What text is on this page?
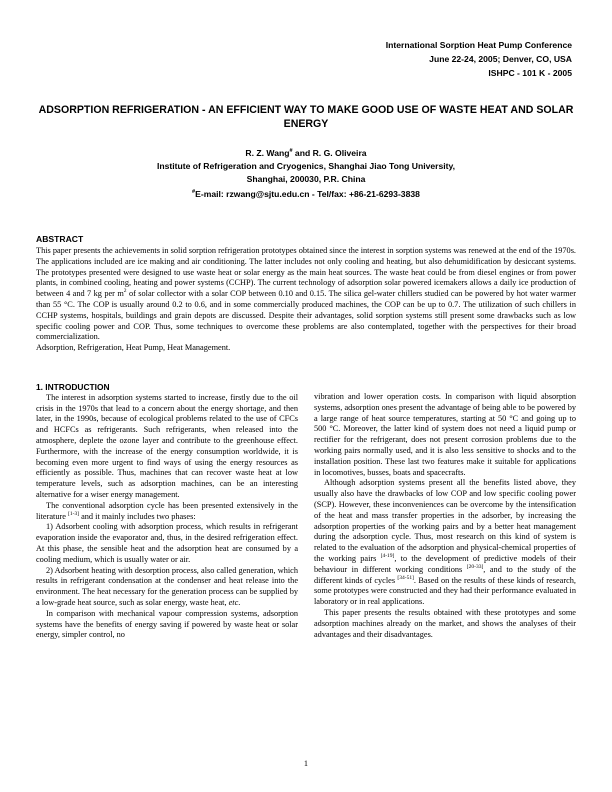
International Sorption Heat Pump Conference
June 22-24, 2005; Denver, CO, USA
ISHPC - 101 K - 2005
ADSORPTION REFRIGERATION - AN EFFICIENT WAY TO MAKE GOOD USE OF WASTE HEAT AND SOLAR ENERGY
R. Z. Wang# and R. G. Oliveira
Institute of Refrigeration and Cryogenics, Shanghai Jiao Tong University,
Shanghai, 200030, P.R. China
#E-mail: rzwang@sjtu.edu.cn - Tel/fax: +86-21-6293-3838
ABSTRACT

This paper presents the achievements in solid sorption refrigeration prototypes obtained since the interest in sorption systems was renewed at the end of the 1970s. The applications included are ice making and air conditioning. The latter includes not only cooling and heating, but also dehumidification by desiccant systems. The prototypes presented were designed to use waste heat or solar energy as the main heat sources. The waste heat could be from diesel engines or from power plants, in combined cooling, heating and power systems (CCHP). The current technology of adsorption solar powered icemakers allows a daily ice production of between 4 and 7 kg per $m^2$ of solar collector with a solar COP between 0.10 and 0.15. The silica gel-water chillers studied can be powered by hot water warmer than 55 °C. The COP is usually around 0.2 to 0.6, and in some commercially produced machines, the COP can be up to 0.7. The utilization of such chillers in CCHP systems, hospitals, buildings and grain depots are discussed. Despite their advantages, solid sorption systems still present some drawbacks such as low specific cooling power and COP. Thus, some techniques to overcome these problems are also contemplated, together with the perspectives for their broad commercialization.

Adsorption, Refrigeration, Heat Pump, Heat Management.

1. INTRODUCTION

The interest in adsorption systems started to increase, firstly due to the oil crisis in the 1970s that lead to a concern about the energy shortage, and then later, in the 1990s, because of ecological problems related to the use of CFCs and HCFCs as refrigerants. Such refrigerants, when released into the atmosphere, deplete the ozone layer and contribute to the greenhouse effect. Furthermore, with the increase of the energy consumption worldwide, it is becoming even more urgent to find ways of using the energy resources as efficiently as possible. Thus, machines that can recover waste heat at low temperature levels, such as adsorption machines, can be an interesting alternative for a wiser energy management.

The conventional adsorption cycle has been presented extensively in the literature [1-3] and it mainly includes two phases:

1) Adsorbent cooling with adsorption process, which results in refrigerant evaporation inside the evaporator and, thus, in the desired refrigeration effect. At this phase, the sensible heat and the adsorption heat are consumed by a cooling medium, which is usually water or air.

2) Adsorbent heating with desorption process, also called generation, which results in refrigerant condensation at the condenser and heat release into the environment. The heat necessary for the generation process can be supplied by a low-grade heat source, such as solar energy, waste heat, etc.

In comparison with mechanical vapour compression systems, adsorption systems have the benefits of energy saving if powered by waste heat or solar energy, simpler control, no

vibration and lower operation costs. In comparison with liquid absorption systems, adsorption ones present the advantage of being able to be powered by a large range of heat source temperatures, starting at 50 °C and going up to 500 °C. Moreover, the latter kind of system does not need a liquid pump or rectifier for the refrigerant, does not present corrosion problems due to the working pairs normally used, and it is also less sensitive to shocks and to the installation position. These last two features make it suitable for applications in locomotives, busses, boats and spacecrafts.

Although adsorption systems present all the benefits listed above, they usually also have the drawbacks of low COP and low specific cooling power (SCP). However, these inconveniences can be overcome by the intensification of the heat and mass transfer properties in the adsorber, by increasing the adsorption properties of the working pairs and by a better heat management during the adsorption cycle. Thus, most research on this kind of system is related to the evaluation of the adsorption and physical-chemical properties of the working pairs [4-19], to the development of predictive models of their behaviour in different working conditions [20-33], and to the study of the different kinds of cycles [34-51]. Based on the results of these kinds of research, some prototypes were constructed and they had their performance evaluated in laboratory or in real applications.

This paper presents the results obtained with these prototypes and some adsorption machines already on the market, and shows the analyses of their advantages and their disadvantages.

1
